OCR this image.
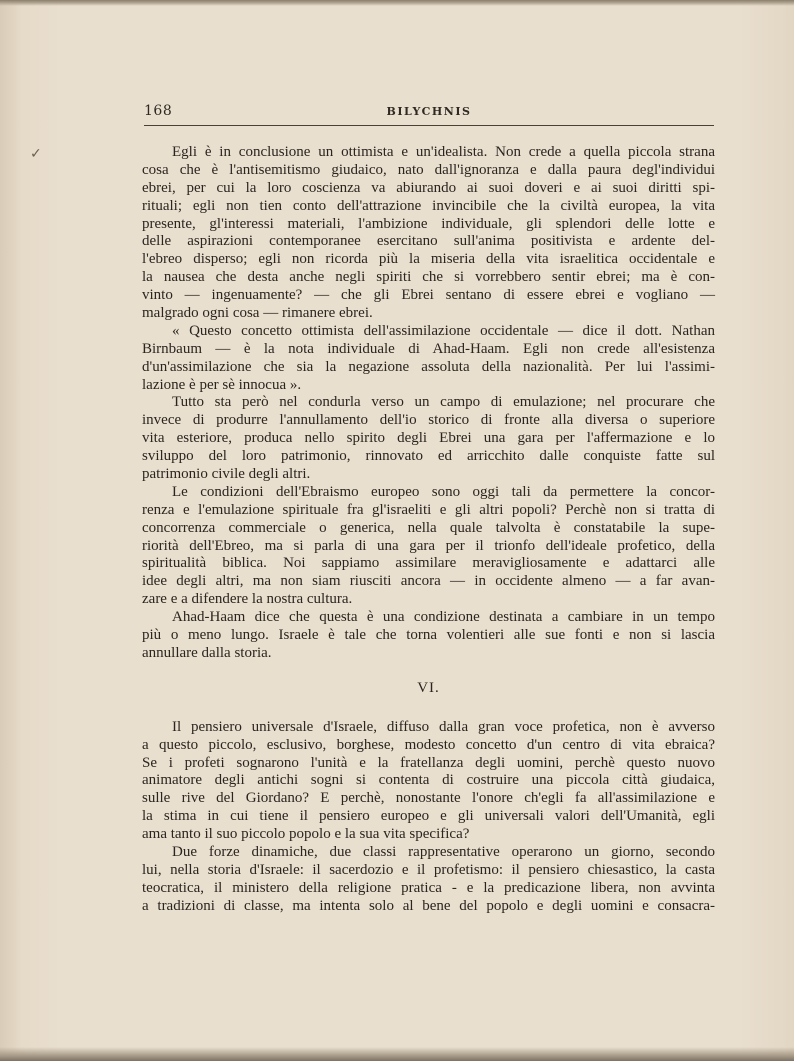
✓
168	BILYCHNIS
Egli è in conclusione un ottimista e un'idealista. Non crede a quella piccola strana
cosa che è l'antisemitismo giudaico, nato dall'ignoranza e dalla paura degl'individui
ebrei, per cui la loro coscienza va abiurando ai suoi doveri e ai suoi diritti spi-
rituali; egli non tien conto dell'attrazione invincibile che la civiltà europea, la vita
presente, gl'interessi materiali, l'ambizione individuale, gli splendori delle lotte e
delle aspirazioni contemporanee esercitano sull'anima positivista e ardente del-
l'ebreo disperso; egli non ricorda più la miseria della vita israelitica occidentale e
la nausea che desta anche negli spiriti che si vorrebbero sentir ebrei; ma è con-
vinto — ingenuamente? — che gli Ebrei sentano di essere ebrei e vogliano —
malgrado ogni cosa — rimanere ebrei.
« Questo concetto ottimista dell'assimilazione occidentale — dice il dott. Nathan
Birnbaum — è la nota individuale di Ahad-Haam. Egli non crede all'esistenza
d'un'assimilazione che sia la negazione assoluta della nazionalità. Per lui l'assimi-
lazione è per sè innocua ».
Tutto sta però nel condurla verso un campo di emulazione; nel procurare che
invece di produrre l'annullamento dell'io storico di fronte alla diversa o superiore
vita esteriore, produca nello spirito degli Ebrei una gara per l'affermazione e lo
sviluppo del loro patrimonio, rinnovato ed arricchito dalle conquiste fatte sul
patrimonio civile degli altri.
Le condizioni dell'Ebraismo europeo sono oggi tali da permettere la concor-
renza e l'emulazione spirituale fra gl'israeliti e gli altri popoli? Perchè non si tratta di
concorrenza commerciale o generica, nella quale talvolta è constatabile la supe-
riorità dell'Ebreo, ma si parla di una gara per il trionfo dell'ideale profetico, della
spiritualità biblica. Noi sappiamo assimilare meravigliosamente e adattarci alle
idee degli altri, ma non siam riusciti ancora — in occidente almeno — a far avan-
zare e a difendere la nostra cultura.
Ahad-Haam dice che questa è una condizione destinata a cambiare in un tempo
più o meno lungo. Israele è tale che torna volentieri alle sue fonti e non si lascia
annullare dalla storia.
VI.
Il pensiero universale d'Israele, diffuso dalla gran voce profetica, non è avverso
a questo piccolo, esclusivo, borghese, modesto concetto d'un centro di vita ebraica?
Se i profeti sognarono l'unità e la fratellanza degli uomini, perchè questo nuovo
animatore degli antichi sogni si contenta di costruire una piccola città giudaica,
sulle rive del Giordano? E perchè, nonostante l'onore ch'egli fa all'assimilazione e
la stima in cui tiene il pensiero europeo e gli universali valori dell'Umanità, egli
ama tanto il suo piccolo popolo e la sua vita specifica?
Due forze dinamiche, due classi rappresentative operarono un giorno, secondo
lui, nella storia d'Israele: il sacerdozio e il profetismo: il pensiero chiesastico, la casta
teocratica, il ministero della religione pratica - e la predicazione libera, non avvinta
a tradizioni di classe, ma intenta solo al bene del popolo e degli uomini e consacra-
